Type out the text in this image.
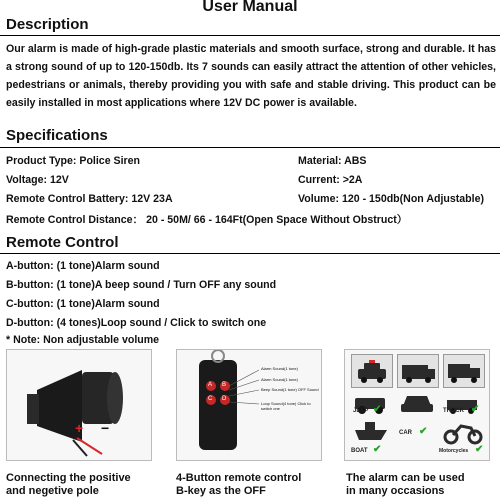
User Manual
Description
Our alarm is made of high-grade plastic materials and smooth surface, strong and durable. It has a strong sound of up to 120-150db. Its 7 sounds can easily attract the attention of other vehicles, pedestrians or animals, thereby providing you with safe and stable driving. This product can be easily installed in most applications where 12V DC power is available.
Specifications
Product Type: Police Siren	Material: ABS
Voltage: 12V	Current: >2A
Remote Control Battery: 12V 23A	Volume: 120 - 150db(Non Adjustable)
Remote Control Distance： 20 - 50M/ 66 - 164Ft(Open Space Without Obstruct）
Remote Control
A-button: (1 tone)Alarm sound
B-button: (1 tone)A beep sound / Turn OFF any sound
C-button: (1 tone)Alarm sound
D-button: (4 tones)Loop sound / Click to switch one
* Note: Non adjustable volume
+ −
Connecting the positive
and negetive pole
A B
C D
Alarm Sound(1 tone)
Alarm Sound(1 tone)
Beep Sound(1 tone) OFF Sound
Loop Sound(4 tone) Click to switch one
4-Button remote control
B-key as the OFF
JEEP ✔	TRUCK ✔
BOAT ✔
CAR ✔
Motorcycles ✔
The alarm can be used
in many occasions
